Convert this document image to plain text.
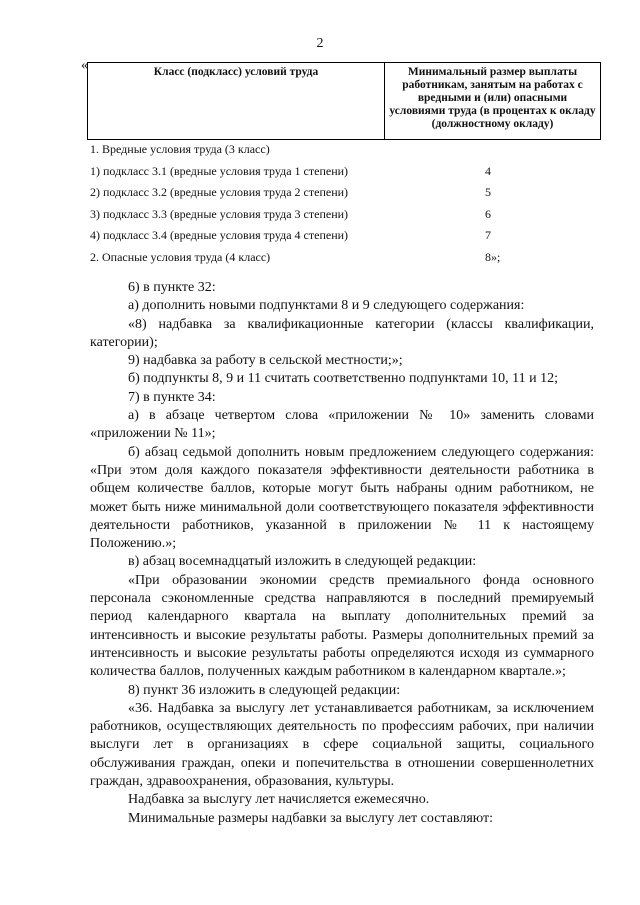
2
«	Класс (подкласс) условий труда	Минимальный размер выплаты работникам, занятым на работах с вредными и (или) опасными условиями труда (в процентах к окладу (должностному окладу)
1. Вредные условия труда (3 класс)
1) подкласс 3.1 (вредные условия труда 1 степени)	4
2) подкласс 3.2 (вредные условия труда 2 степени)	5
3) подкласс 3.3 (вредные условия труда 3 степени)	6
4) подкласс 3.4 (вредные условия труда 4 степени)	7
2. Опасные условия труда (4 класс)	8»;

6) в пункте 32:

а) дополнить новыми подпунктами 8 и 9 следующего содержания:

«8) надбавка за квалификационные категории (классы квалификации, категории);

9) надбавка за работу в сельской местности;»;

б) подпункты 8, 9 и 11 считать соответственно подпунктами 10, 11 и 12;

7) в пункте 34:

а) в абзаце четвертом слова «приложении № 10» заменить словами «приложении № 11»;

б) абзац седьмой дополнить новым предложением следующего содержания: «При этом доля каждого показателя эффективности деятельности работника в общем количестве баллов, которые могут быть набраны одним работником, не может быть ниже минимальной доли соответствующего показателя эффективности деятельности работников, указанной в приложении № 11 к настоящему Положению.»;

в) абзац восемнадцатый изложить в следующей редакции:

«При образовании экономии средств премиального фонда основного персонала сэкономленные средства направляются в последний премируемый период календарного квартала на выплату дополнительных премий за интенсивность и высокие результаты работы. Размеры дополнительных премий за интенсивность и высокие результаты работы определяются исходя из суммарного количества баллов, полученных каждым работником в календарном квартале.»;

8) пункт 36 изложить в следующей редакции:

«36. Надбавка за выслугу лет устанавливается работникам, за исключением работников, осуществляющих деятельность по профессиям рабочих, при наличии выслуги лет в организациях в сфере социальной защиты, социального обслуживания граждан, опеки и попечительства в отношении совершеннолетних граждан, здравоохранения, образования, культуры.

Надбавка за выслугу лет начисляется ежемесячно.

Минимальные размеры надбавки за выслугу лет составляют:
